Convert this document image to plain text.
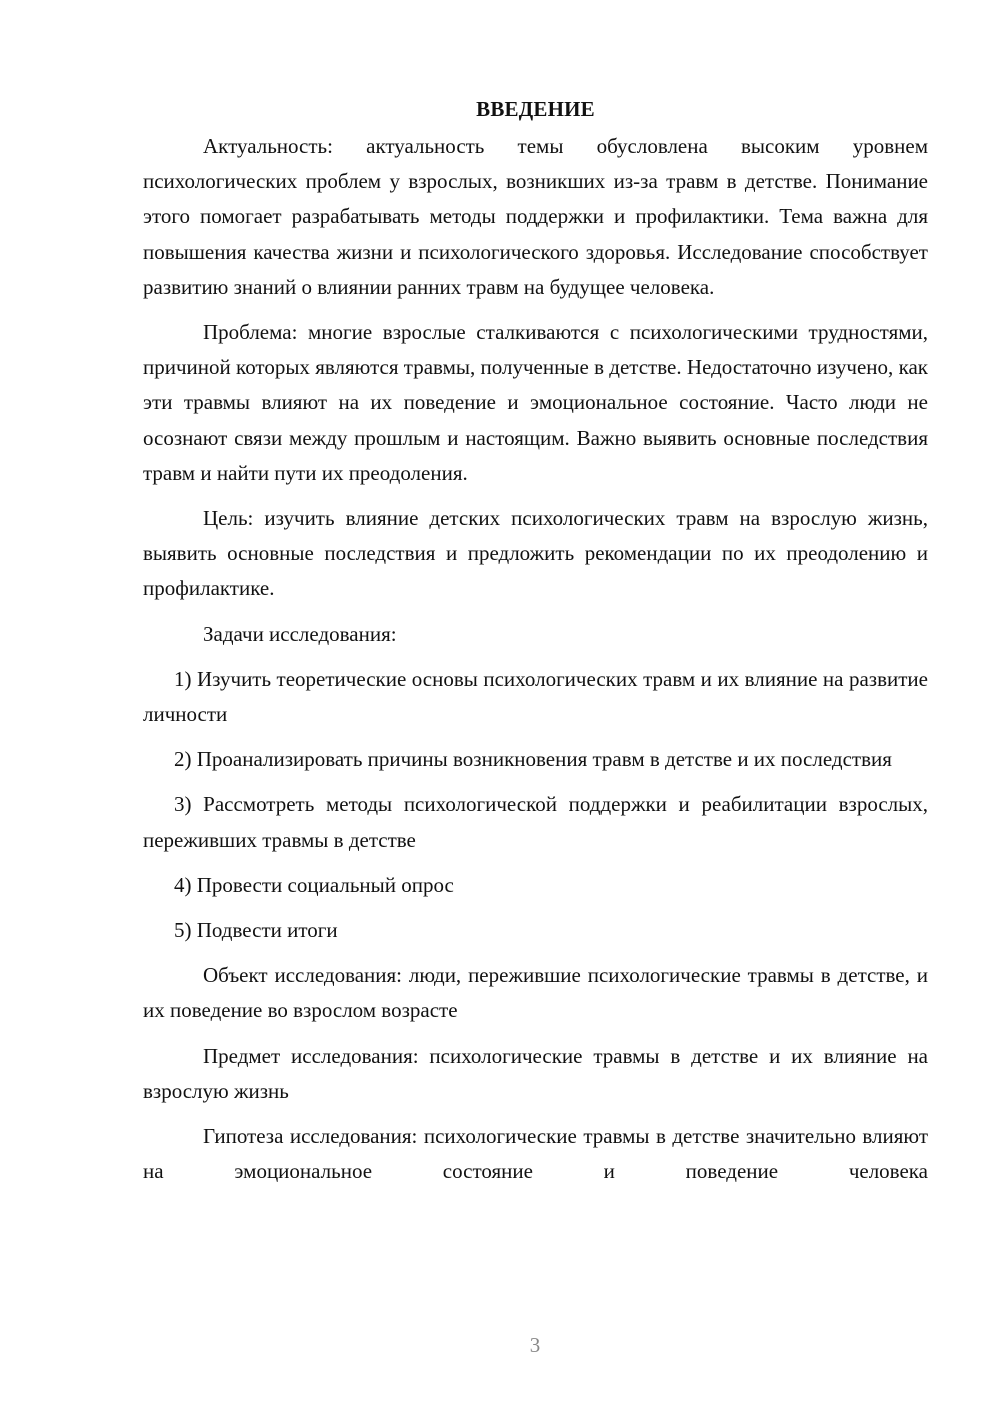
ВВЕДЕНИЕ

Актуальность: актуальность темы обусловлена высоким уровнем психологических проблем у взрослых, возникших из-за травм в детстве. Понимание этого помогает разрабатывать методы поддержки и профилактики. Тема важна для повышения качества жизни и психологического здоровья. Исследование способствует развитию знаний о влиянии ранних травм на будущее человека.

Проблема: многие взрослые сталкиваются с психологическими трудностями, причиной которых являются травмы, полученные в детстве. Недостаточно изучено, как эти травмы влияют на их поведение и эмоциональное состояние. Часто люди не осознают связи между прошлым и настоящим. Важно выявить основные последствия травм и найти пути их преодоления.

Цель: изучить влияние детских психологических травм на взрослую жизнь, выявить основные последствия и предложить рекомендации по их преодолению и профилактике.

Задачи исследования:

1) Изучить теоретические основы психологических травм и их влияние на развитие личности

2) Проанализировать причины возникновения травм в детстве и их последствия

3) Рассмотреть методы психологической поддержки и реабилитации взрослых, переживших травмы в детстве

4) Провести социальный опрос

5) Подвести итоги

Объект исследования: люди, пережившие психологические травмы в детстве, и их поведение во взрослом возрасте

Предмет исследования: психологические травмы в детстве и их влияние на взрослую жизнь

Гипотеза исследования: психологические травмы в детстве значительно влияют на эмоциональное состояние и поведение человека

3
